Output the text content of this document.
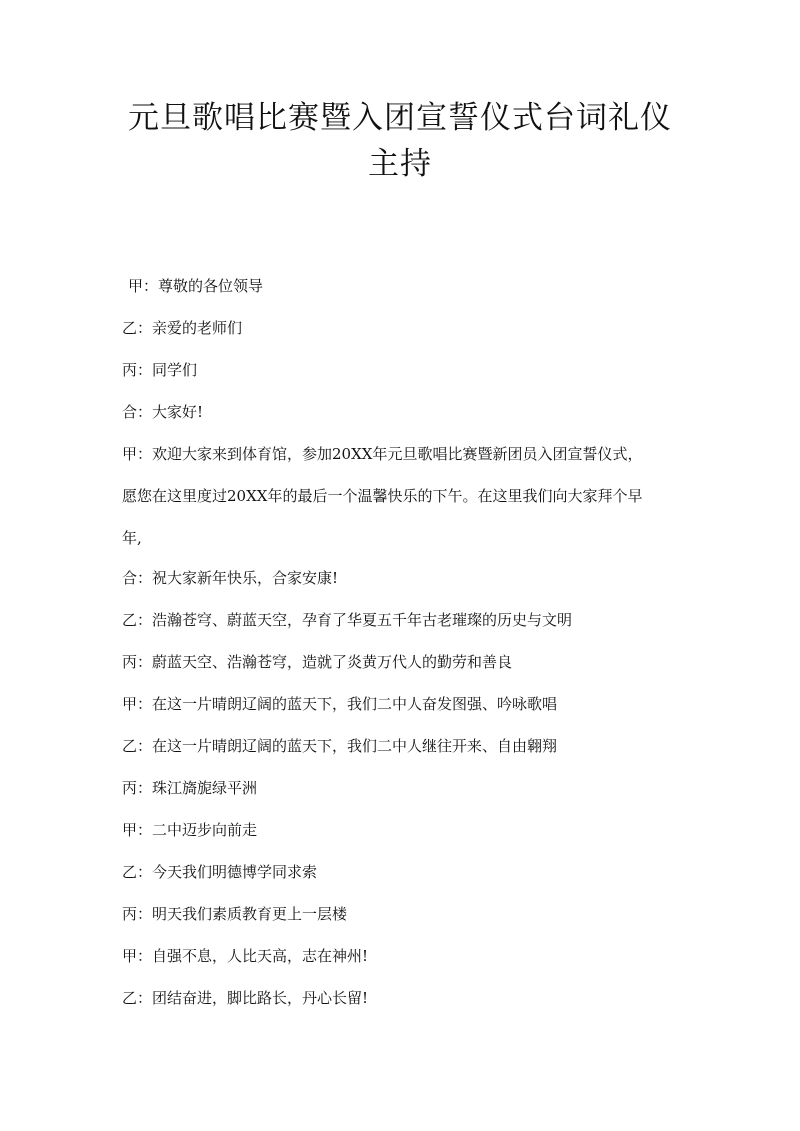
元旦歌唱比赛暨入团宣誓仪式台词礼仪主持

甲：尊敬的各位领导

乙：亲爱的老师们

丙：同学们

合：大家好!

甲：欢迎大家来到体育馆，参加20XX年元旦歌唱比赛暨新团员入团宣誓仪式，

愿您在这里度过20XX年的最后一个温馨快乐的下午。在这里我们向大家拜个早

年,

合：祝大家新年快乐，合家安康!

乙：浩瀚苍穹、蔚蓝天空，孕育了华夏五千年古老璀璨的历史与文明

丙：蔚蓝天空、浩瀚苍穹，造就了炎黄万代人的勤劳和善良

甲：在这一片晴朗辽阔的蓝天下，我们二中人奋发图强、吟咏歌唱

乙：在这一片晴朗辽阔的蓝天下，我们二中人继往开来、自由翱翔

丙：珠江旖旎绿平洲

甲：二中迈步向前走

乙：今天我们明德博学同求索

丙：明天我们素质教育更上一层楼

甲：自强不息，人比天高，志在神州!

乙：团结奋进，脚比路长，丹心长留!
